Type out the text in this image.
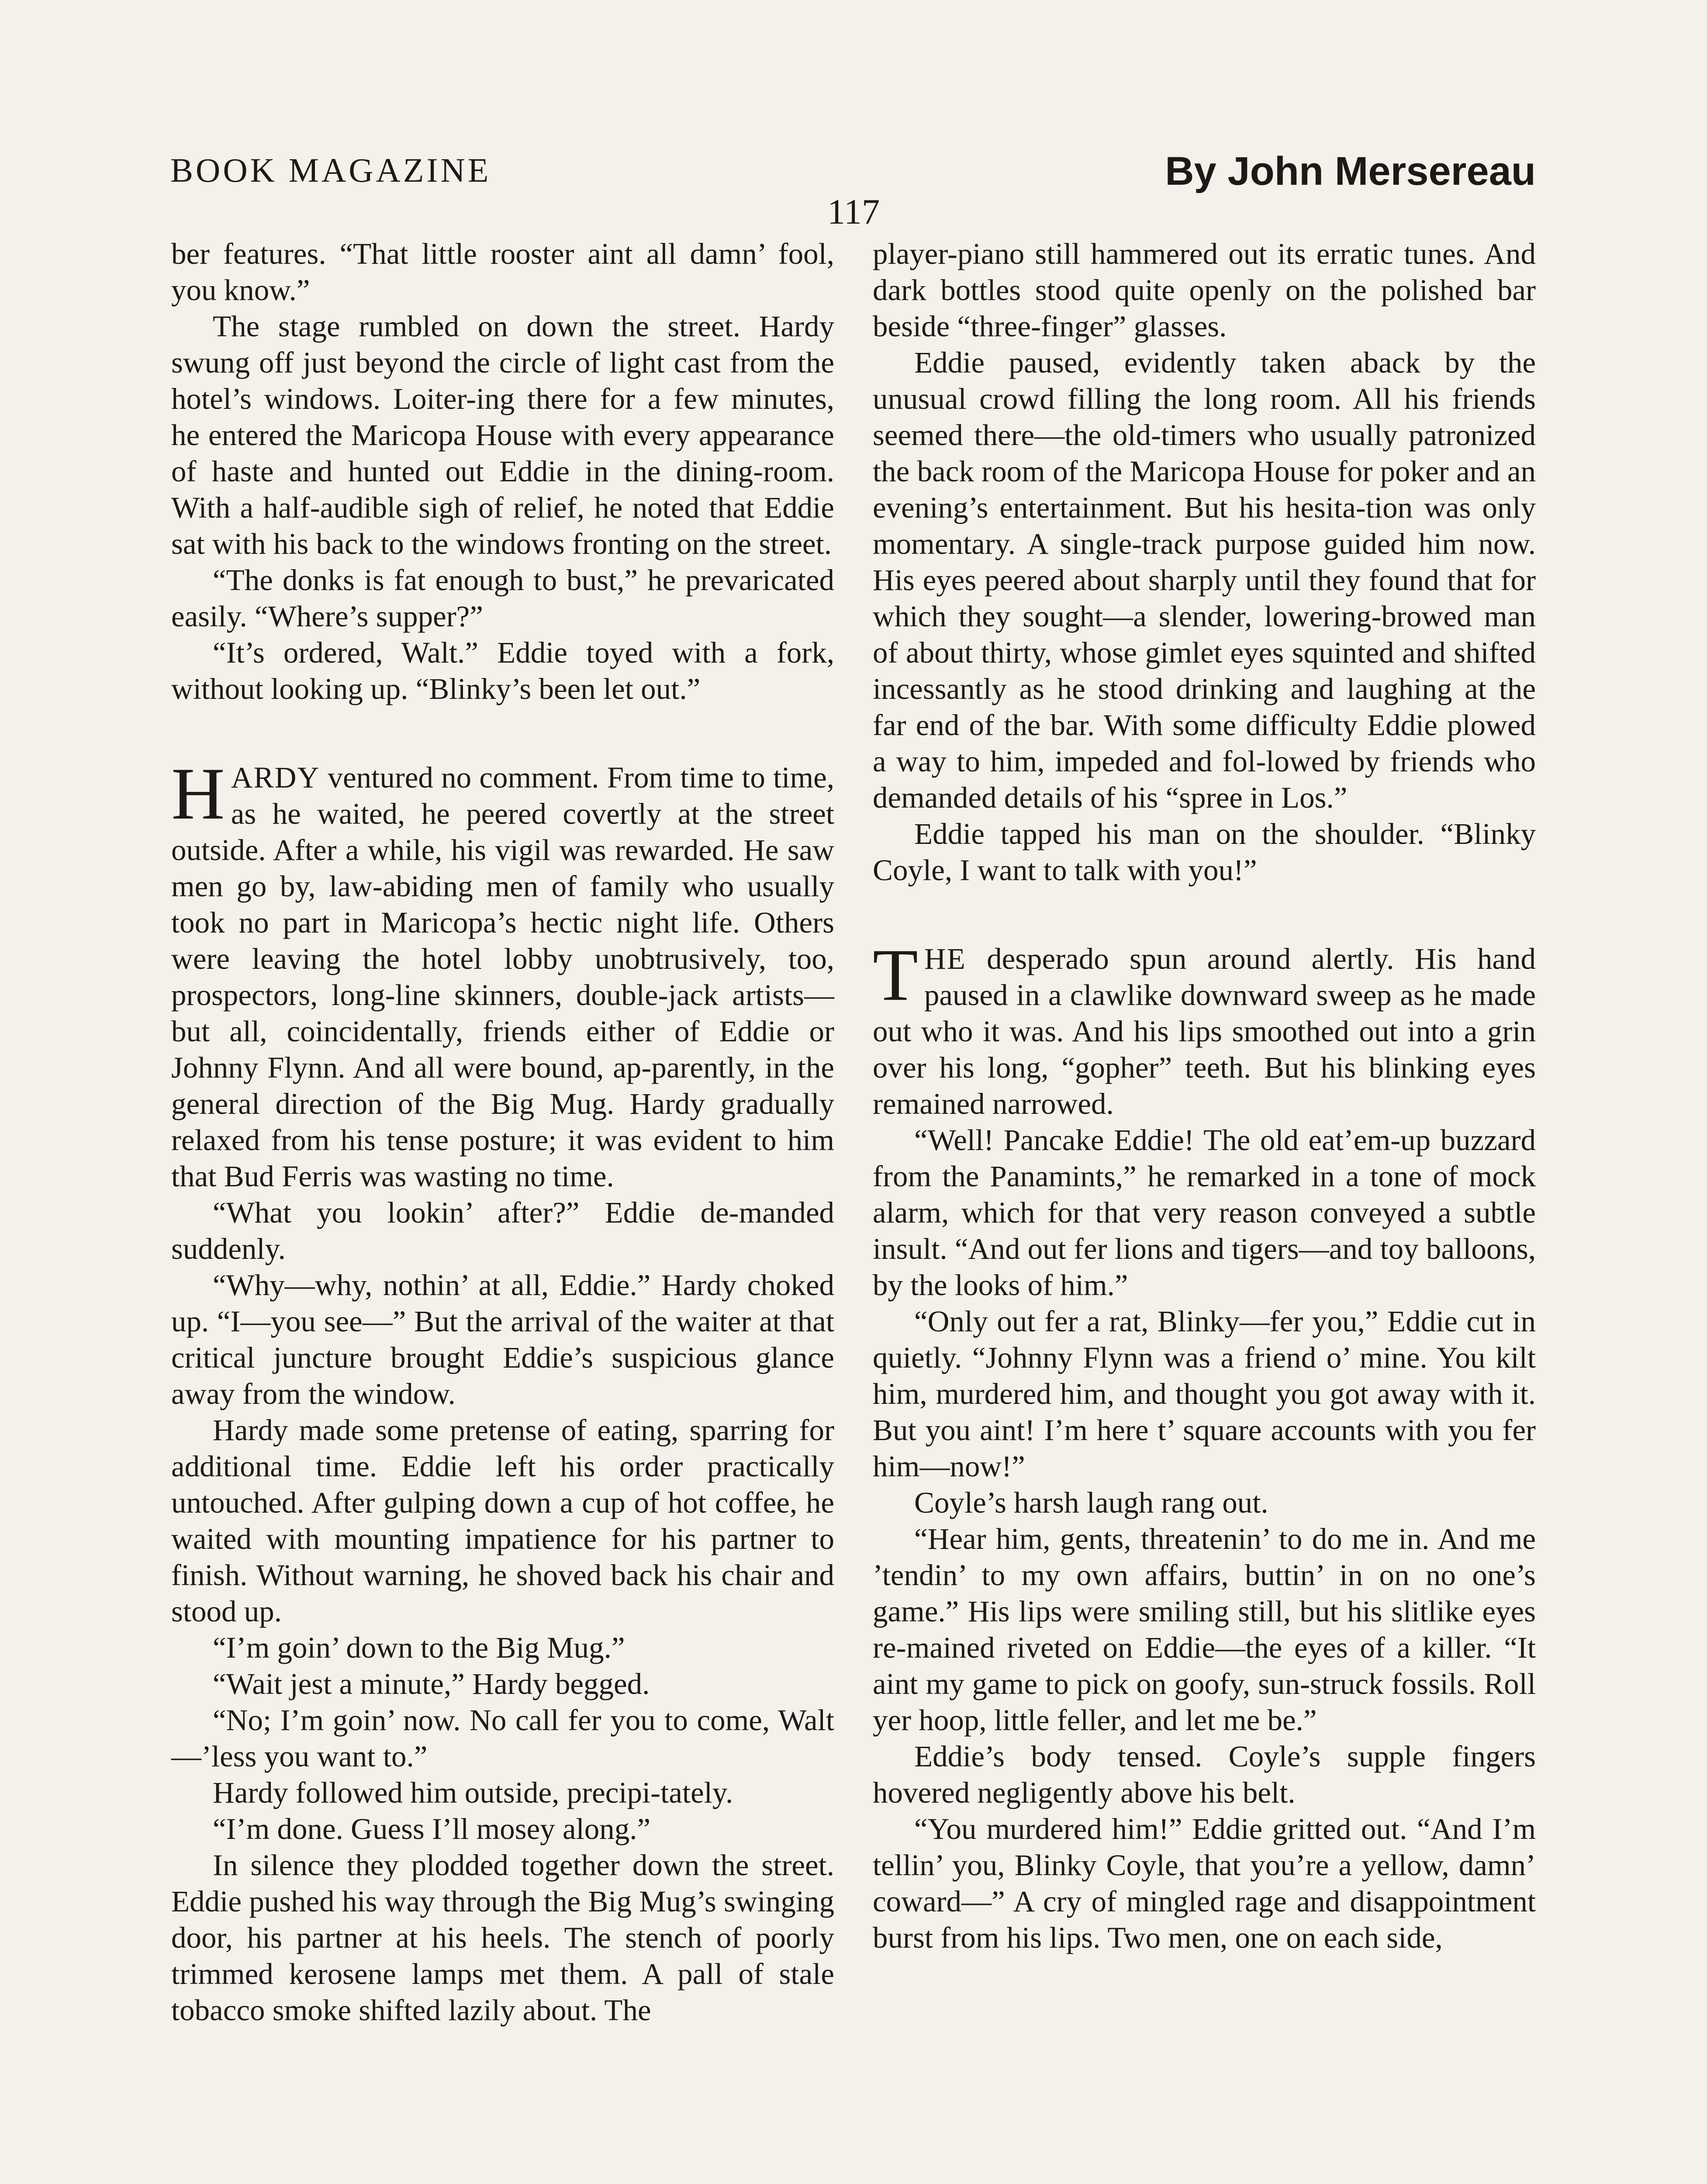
BOOK MAGAZINE	By John Mersereau
117

ber features. “That little rooster aint all damn’ fool, you know.”

The stage rumbled on down the street. Hardy swung off just beyond the circle of light cast from the hotel’s windows. Loiter-ing there for a few minutes, he entered the Maricopa House with every appearance of haste and hunted out Eddie in the dining-room. With a half-audible sigh of relief, he noted that Eddie sat with his back to the windows fronting on the street.

“The donks is fat enough to bust,” he prevaricated easily. “Where’s supper?”

“It’s ordered, Walt.” Eddie toyed with a fork, without looking up. “Blinky’s been let out.”

HARDY ventured no comment. From time to time, as he waited, he peered covertly at the street outside. After a while, his vigil was rewarded. He saw men go by, law-abiding men of family who usually took no part in Maricopa’s hectic night life. Others were leaving the hotel lobby unobtrusively, too, prospectors, long-line skinners, double-jack artists—but all, coincidentally, friends either of Eddie or Johnny Flynn. And all were bound, ap-parently, in the general direction of the Big Mug. Hardy gradually relaxed from his tense posture; it was evident to him that Bud Ferris was wasting no time.

“What you lookin’ after?” Eddie de-manded suddenly.

“Why—why, nothin’ at all, Eddie.” Hardy choked up. “I—you see—” But the arrival of the waiter at that critical juncture brought Eddie’s suspicious glance away from the window.

Hardy made some pretense of eating, sparring for additional time. Eddie left his order practically untouched. After gulping down a cup of hot coffee, he waited with mounting impatience for his partner to finish. Without warning, he shoved back his chair and stood up.

“I’m goin’ down to the Big Mug.”

“Wait jest a minute,” Hardy begged.

“No; I’m goin’ now. No call fer you to come, Walt—’less you want to.”

Hardy followed him outside, precipi-tately.

“I’m done. Guess I’ll mosey along.”

In silence they plodded together down the street. Eddie pushed his way through the Big Mug’s swinging door, his partner at his heels. The stench of poorly trimmed kerosene lamps met them. A pall of stale tobacco smoke shifted lazily about. The

player-piano still hammered out its erratic tunes. And dark bottles stood quite openly on the polished bar beside “three-finger” glasses.

Eddie paused, evidently taken aback by the unusual crowd filling the long room. All his friends seemed there—the old-timers who usually patronized the back room of the Maricopa House for poker and an evening’s entertainment. But his hesita-tion was only momentary. A single-track purpose guided him now. His eyes peered about sharply until they found that for which they sought—a slender, lowering-browed man of about thirty, whose gimlet eyes squinted and shifted incessantly as he stood drinking and laughing at the far end of the bar. With some difficulty Eddie plowed a way to him, impeded and fol-lowed by friends who demanded details of his “spree in Los.”

Eddie tapped his man on the shoulder. “Blinky Coyle, I want to talk with you!”

THE desperado spun around alertly. His hand paused in a clawlike downward sweep as he made out who it was. And his lips smoothed out into a grin over his long, “gopher” teeth. But his blinking eyes remained narrowed.

“Well! Pancake Eddie! The old eat’em-up buzzard from the Panamints,” he remarked in a tone of mock alarm, which for that very reason conveyed a subtle insult. “And out fer lions and tigers—and toy balloons, by the looks of him.”

“Only out fer a rat, Blinky—fer you,” Eddie cut in quietly. “Johnny Flynn was a friend o’ mine. You kilt him, murdered him, and thought you got away with it. But you aint! I’m here t’ square accounts with you fer him—now!”

Coyle’s harsh laugh rang out.

“Hear him, gents, threatenin’ to do me in. And me ’tendin’ to my own affairs, buttin’ in on no one’s game.” His lips were smiling still, but his slitlike eyes re-mained riveted on Eddie—the eyes of a killer. “It aint my game to pick on goofy, sun-struck fossils. Roll yer hoop, little feller, and let me be.”

Eddie’s body tensed. Coyle’s supple fingers hovered negligently above his belt.

“You murdered him!” Eddie gritted out. “And I’m tellin’ you, Blinky Coyle, that you’re a yellow, damn’ coward—” A cry of mingled rage and disappointment burst from his lips. Two men, one on each side,
